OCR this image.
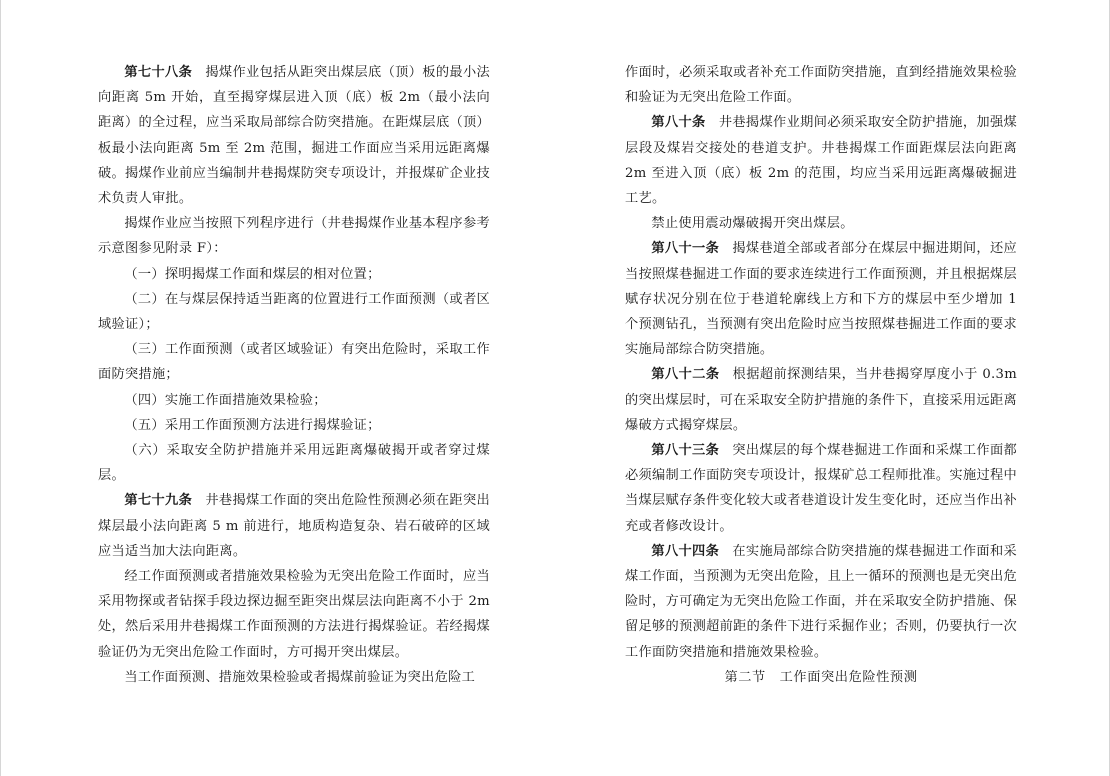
第七十八条 揭煤作业包括从距突出煤层底（顶）板的最小法向距离 5m 开始，直至揭穿煤层进入顶（底）板 2m（最小法向距离）的全过程，应当采取局部综合防突措施。在距煤层底（顶）板最小法向距离 5m 至 2m 范围，掘进工作面应当采用远距离爆破。揭煤作业前应当编制井巷揭煤防突专项设计，并报煤矿企业技术负责人审批。

揭煤作业应当按照下列程序进行（井巷揭煤作业基本程序参考示意图参见附录 F）：

（一）探明揭煤工作面和煤层的相对位置；

（二）在与煤层保持适当距离的位置进行工作面预测（或者区域验证）；

（三）工作面预测（或者区域验证）有突出危险时，采取工作面防突措施；

（四）实施工作面措施效果检验；

（五）采用工作面预测方法进行揭煤验证；

（六）采取安全防护措施并采用远距离爆破揭开或者穿过煤层。

第七十九条 井巷揭煤工作面的突出危险性预测必须在距突出煤层最小法向距离 5 m 前进行，地质构造复杂、岩石破碎的区域应当适当加大法向距离。

经工作面预测或者措施效果检验为无突出危险工作面时，应当采用物探或者钻探手段边探边掘至距突出煤层法向距离不小于 2m 处，然后采用井巷揭煤工作面预测的方法进行揭煤验证。若经揭煤验证仍为无突出危险工作面时，方可揭开突出煤层。

当工作面预测、措施效果检验或者揭煤前验证为突出危险工

作面时，必须采取或者补充工作面防突措施，直到经措施效果检验和验证为无突出危险工作面。

第八十条 井巷揭煤作业期间必须采取安全防护措施，加强煤层段及煤岩交接处的巷道支护。井巷揭煤工作面距煤层法向距离 2m 至进入顶（底）板 2m 的范围，均应当采用远距离爆破掘进工艺。

禁止使用震动爆破揭开突出煤层。

第八十一条 揭煤巷道全部或者部分在煤层中掘进期间，还应当按照煤巷掘进工作面的要求连续进行工作面预测，并且根据煤层赋存状况分别在位于巷道轮廓线上方和下方的煤层中至少增加 1 个预测钻孔，当预测有突出危险时应当按照煤巷掘进工作面的要求实施局部综合防突措施。

第八十二条 根据超前探测结果，当井巷揭穿厚度小于 0.3m 的突出煤层时，可在采取安全防护措施的条件下，直接采用远距离爆破方式揭穿煤层。

第八十三条 突出煤层的每个煤巷掘进工作面和采煤工作面都必须编制工作面防突专项设计，报煤矿总工程师批准。实施过程中当煤层赋存条件变化较大或者巷道设计发生变化时，还应当作出补充或者修改设计。

第八十四条 在实施局部综合防突措施的煤巷掘进工作面和采煤工作面，当预测为无突出危险，且上一循环的预测也是无突出危险时，方可确定为无突出危险工作面，并在采取安全防护措施、保留足够的预测超前距的条件下进行采掘作业；否则，仍要执行一次工作面防突措施和措施效果检验。

第二节　工作面突出危险性预测
